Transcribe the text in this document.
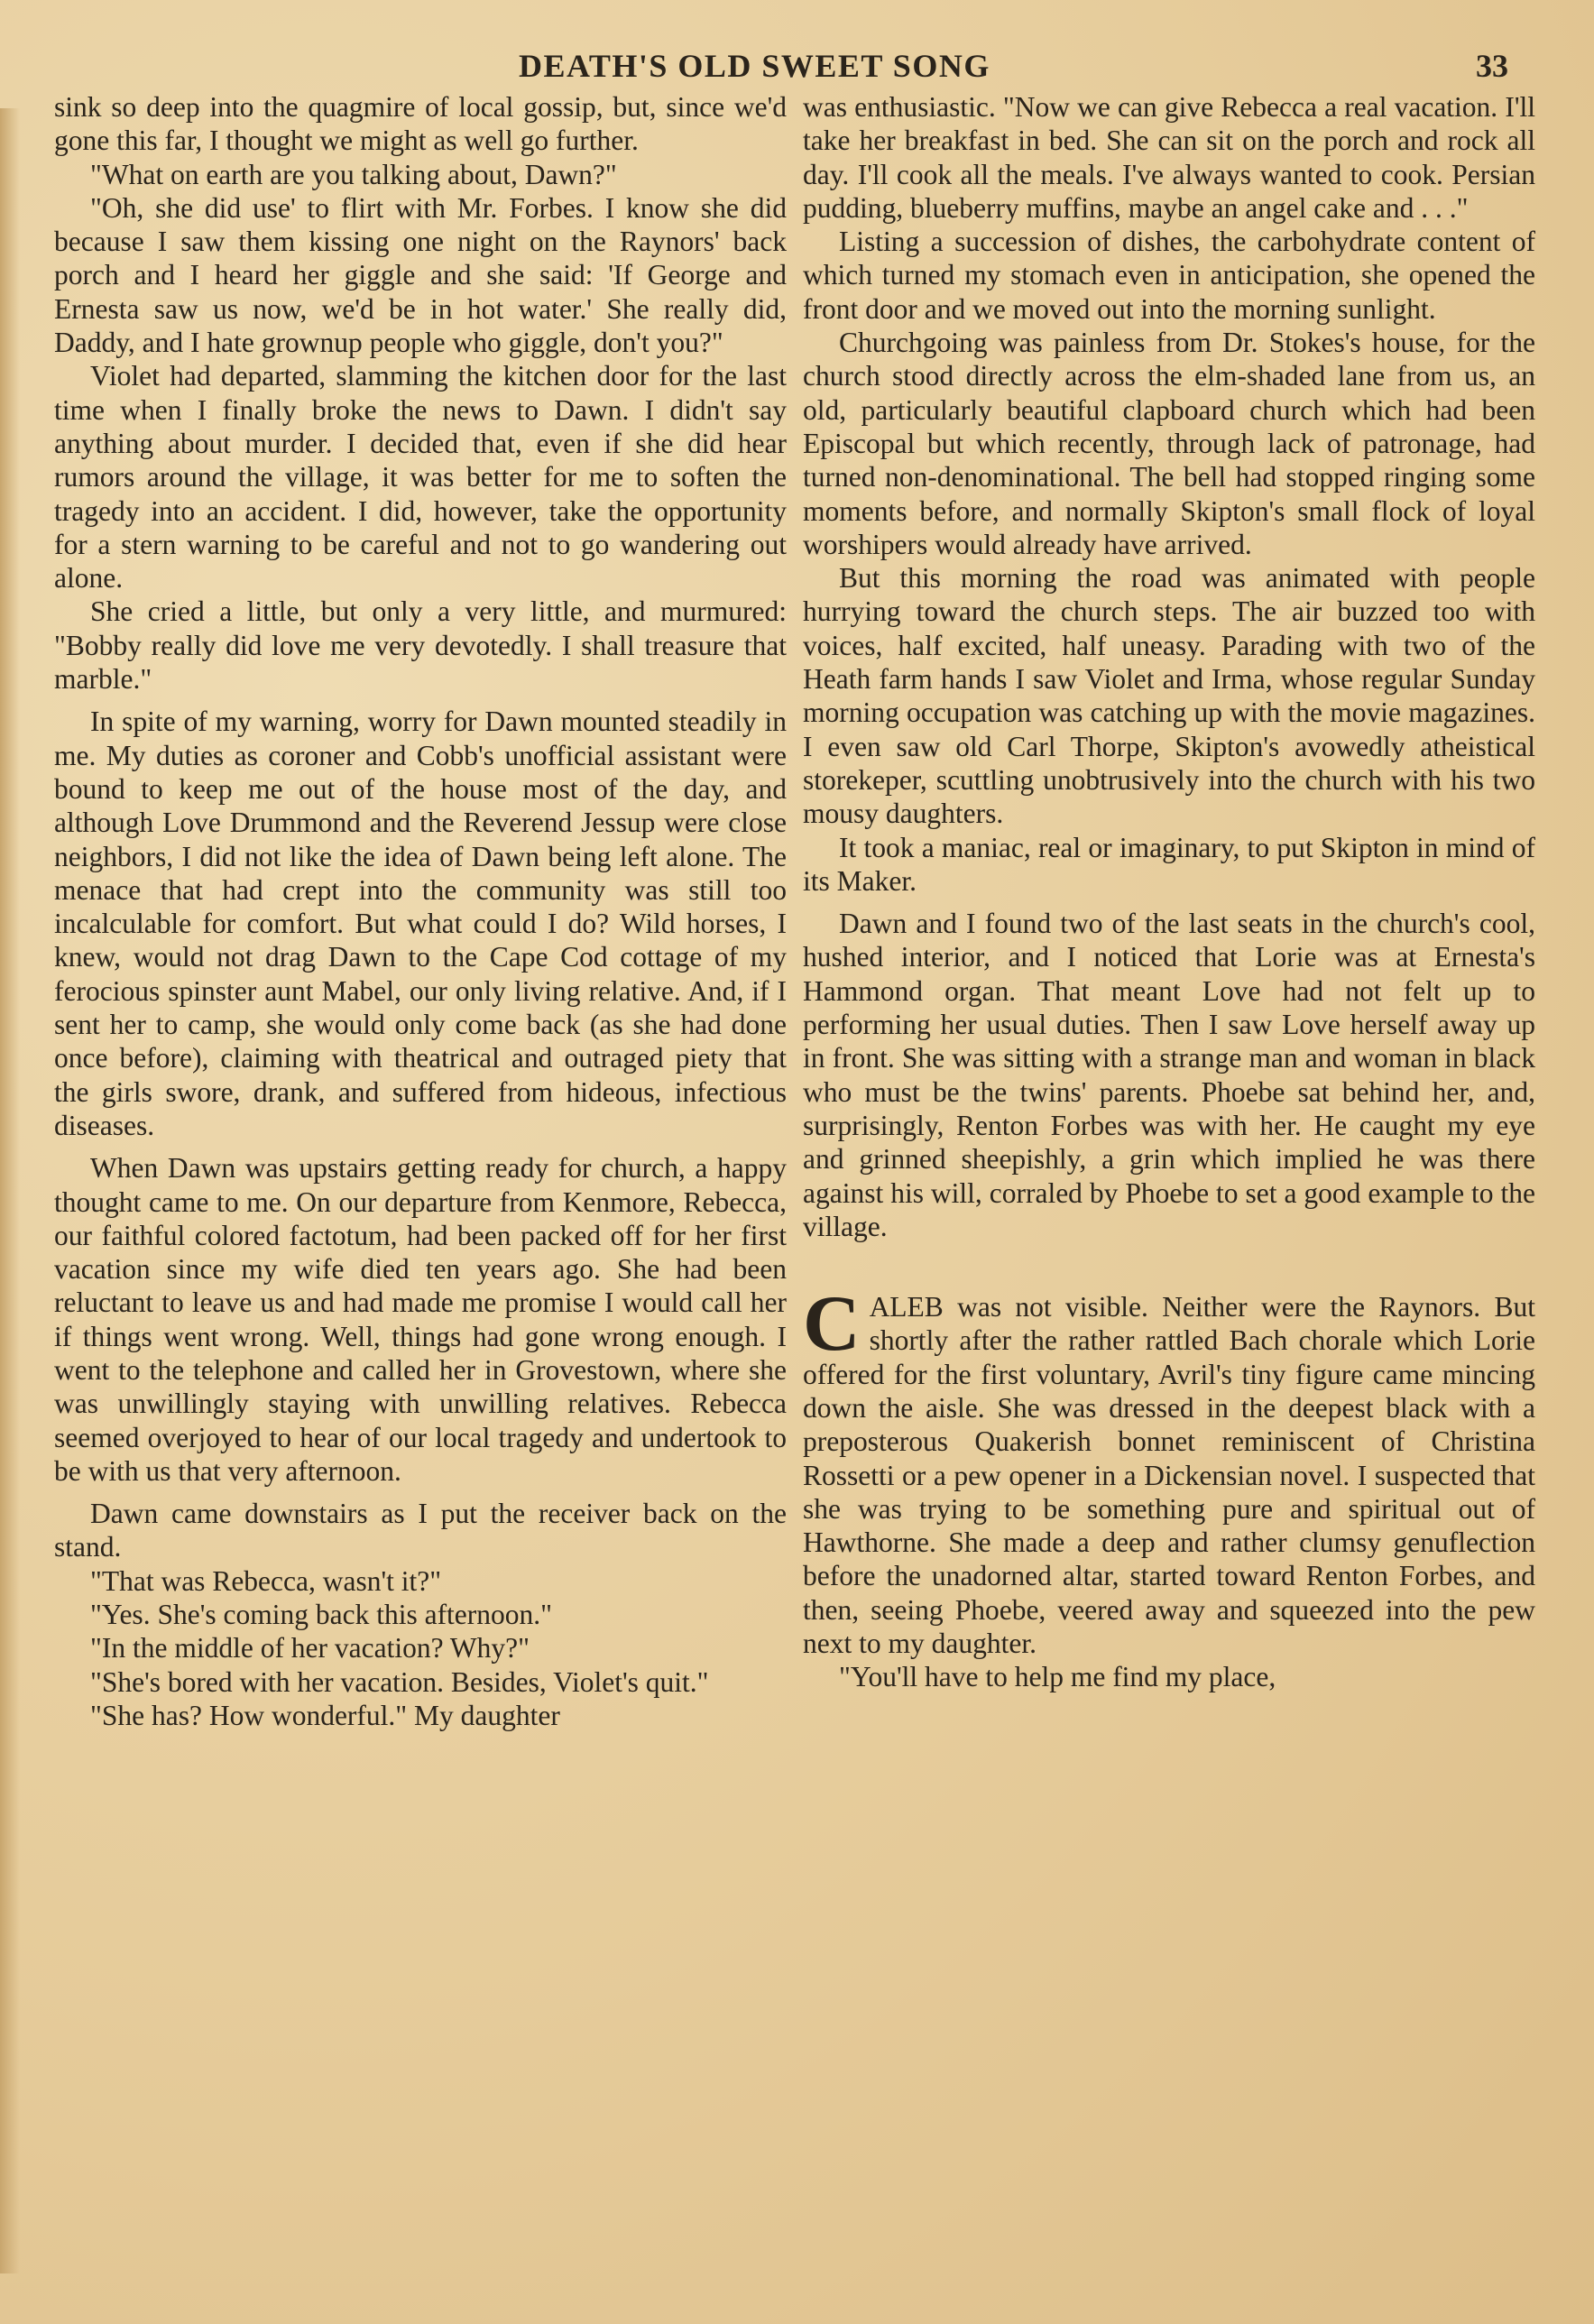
DEATH'S OLD SWEET SONG	33

sink so deep into the quagmire of local gossip, but, since we'd gone this far, I thought we might as well go further.

"What on earth are you talking about, Dawn?"

"Oh, she did use' to flirt with Mr. Forbes. I know she did because I saw them kissing one night on the Raynors' back porch and I heard her giggle and she said: 'If George and Ernesta saw us now, we'd be in hot water.' She really did, Daddy, and I hate grownup people who giggle, don't you?"

Violet had departed, slamming the kitchen door for the last time when I finally broke the news to Dawn. I didn't say anything about murder. I decided that, even if she did hear rumors around the village, it was better for me to soften the tragedy into an accident. I did, however, take the opportunity for a stern warning to be careful and not to go wandering out alone.

She cried a little, but only a very little, and murmured: "Bobby really did love me very devotedly. I shall treasure that marble."

In spite of my warning, worry for Dawn mounted steadily in me. My duties as coroner and Cobb's unofficial assistant were bound to keep me out of the house most of the day, and although Love Drummond and the Reverend Jessup were close neighbors, I did not like the idea of Dawn being left alone. The menace that had crept into the community was still too incalculable for comfort. But what could I do? Wild horses, I knew, would not drag Dawn to the Cape Cod cottage of my ferocious spinster aunt Mabel, our only living relative. And, if I sent her to camp, she would only come back (as she had done once before), claiming with theatrical and outraged piety that the girls swore, drank, and suffered from hideous, infectious diseases.

When Dawn was upstairs getting ready for church, a happy thought came to me. On our departure from Kenmore, Rebecca, our faithful colored factotum, had been packed off for her first vacation since my wife died ten years ago. She had been reluctant to leave us and had made me promise I would call her if things went wrong. Well, things had gone wrong enough. I went to the telephone and called her in Grovestown, where she was unwillingly staying with unwilling relatives. Rebecca seemed overjoyed to hear of our local tragedy and undertook to be with us that very afternoon.

Dawn came downstairs as I put the receiver back on the stand.

"That was Rebecca, wasn't it?"

"Yes. She's coming back this afternoon."

"In the middle of her vacation? Why?"

"She's bored with her vacation. Besides, Violet's quit."

"She has? How wonderful." My daughter

was enthusiastic. "Now we can give Rebecca a real vacation. I'll take her breakfast in bed. She can sit on the porch and rock all day. I'll cook all the meals. I've always wanted to cook. Persian pudding, blueberry muffins, maybe an angel cake and . . ."

Listing a succession of dishes, the carbohydrate content of which turned my stomach even in anticipation, she opened the front door and we moved out into the morning sunlight.

Churchgoing was painless from Dr. Stokes's house, for the church stood directly across the elm-shaded lane from us, an old, particularly beautiful clapboard church which had been Episcopal but which recently, through lack of patronage, had turned non-denominational. The bell had stopped ringing some moments before, and normally Skipton's small flock of loyal worshipers would already have arrived.

But this morning the road was animated with people hurrying toward the church steps. The air buzzed too with voices, half excited, half uneasy. Parading with two of the Heath farm hands I saw Violet and Irma, whose regular Sunday morning occupation was catching up with the movie magazines. I even saw old Carl Thorpe, Skipton's avowedly atheistical storekeper, scuttling unobtrusively into the church with his two mousy daughters.

It took a maniac, real or imaginary, to put Skipton in mind of its Maker.

Dawn and I found two of the last seats in the church's cool, hushed interior, and I noticed that Lorie was at Ernesta's Hammond organ. That meant Love had not felt up to performing her usual duties. Then I saw Love herself away up in front. She was sitting with a strange man and woman in black who must be the twins' parents. Phoebe sat behind her, and, surprisingly, Renton Forbes was with her. He caught my eye and grinned sheepishly, a grin which implied he was there against his will, corraled by Phoebe to set a good example to the village.

CALEB was not visible. Neither were the Raynors. But shortly after the rather rattled Bach chorale which Lorie offered for the first voluntary, Avril's tiny figure came mincing down the aisle. She was dressed in the deepest black with a preposterous Quakerish bonnet reminiscent of Christina Rossetti or a pew opener in a Dickensian novel. I suspected that she was trying to be something pure and spiritual out of Hawthorne. She made a deep and rather clumsy genuflection before the unadorned altar, started toward Renton Forbes, and then, seeing Phoebe, veered away and squeezed into the pew next to my daughter.

"You'll have to help me find my place,
